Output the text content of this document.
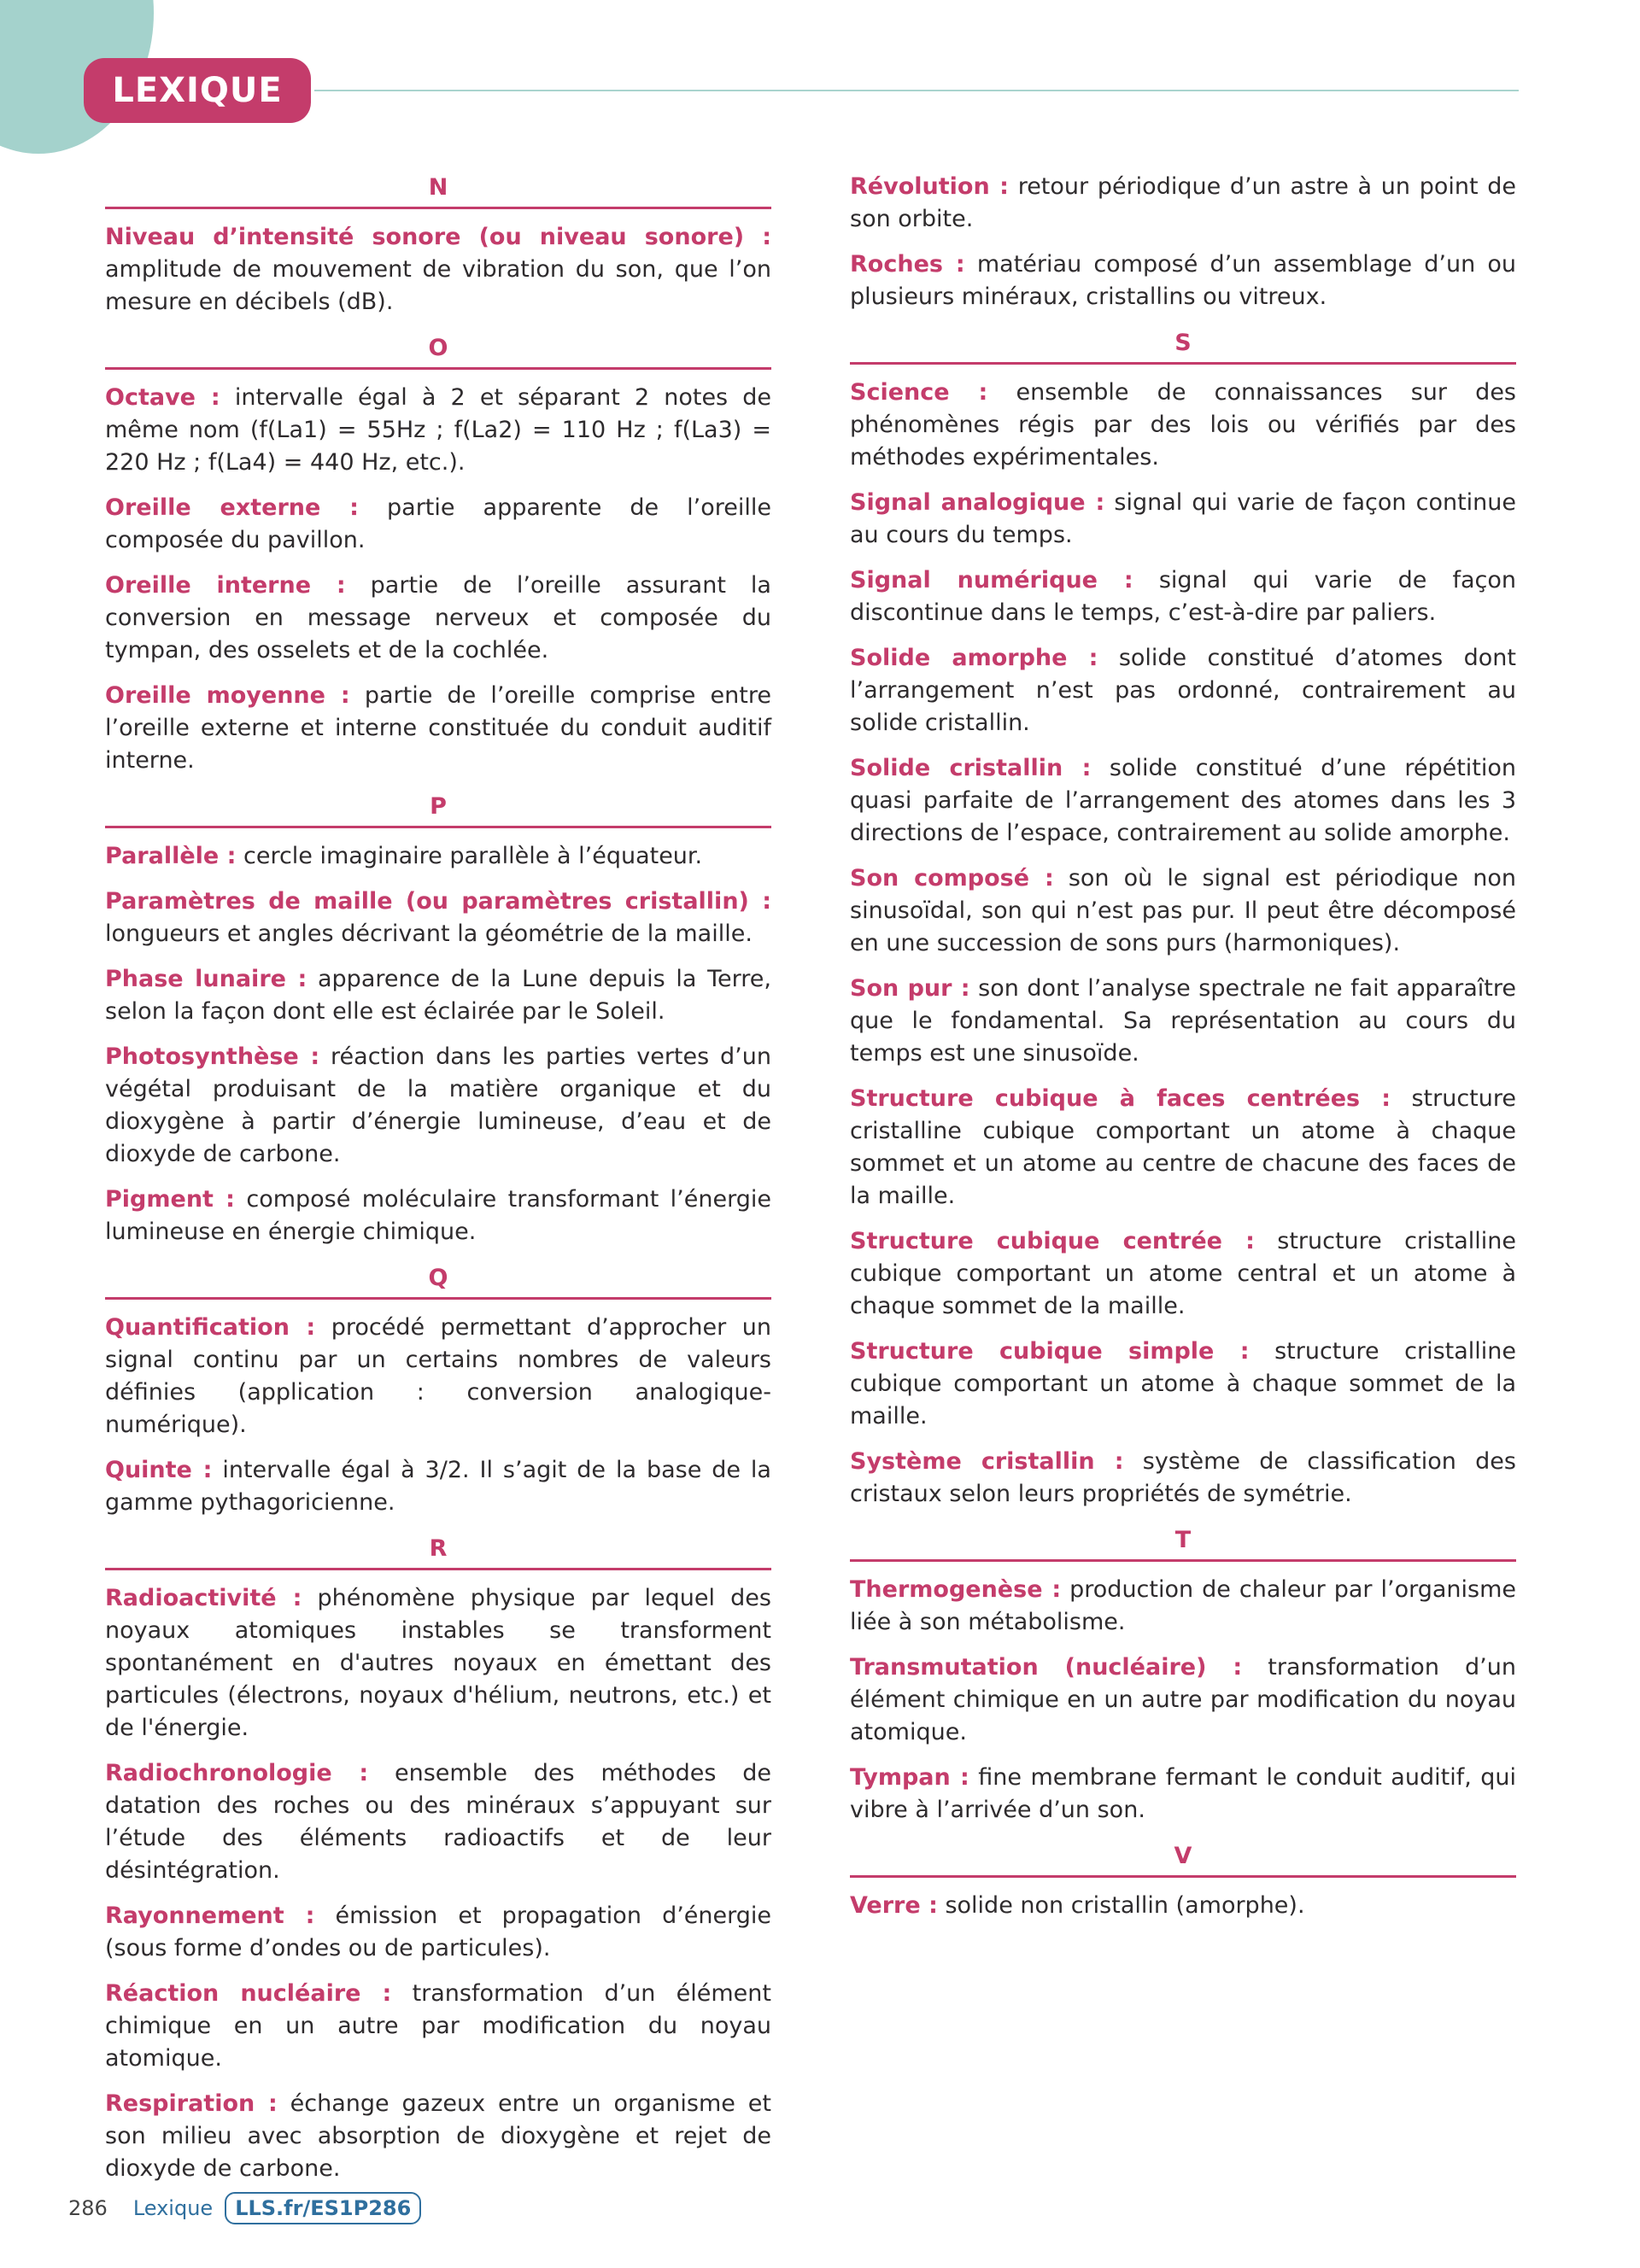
LEXIQUE
N

Niveau d’intensité sonore (ou niveau sonore) : amplitude de mouvement de vibration du son, que l’on mesure en décibels (dB).

O

Octave : intervalle égal à 2 et séparant 2 notes de même nom (f(La1) = 55Hz ; f(La2) = 110 Hz ; f(La3) = 220 Hz ; f(La4) = 440 Hz, etc.).

Oreille externe : partie apparente de l’oreille composée du pavillon.

Oreille interne : partie de l’oreille assurant la conversion en message nerveux et composée du tympan, des osselets et de la cochlée.

Oreille moyenne : partie de l’oreille comprise entre l’oreille externe et interne constituée du conduit auditif interne.

P

Parallèle : cercle imaginaire parallèle à l’équateur.

Paramètres de maille (ou paramètres cristallin) : longueurs et angles décrivant la géométrie de la maille.

Phase lunaire : apparence de la Lune depuis la Terre, selon la façon dont elle est éclairée par le Soleil.

Photosynthèse : réaction dans les parties vertes d’un végétal produisant de la matière organique et du dioxygène à partir d’énergie lumineuse, d’eau et de dioxyde de carbone.

Pigment : composé moléculaire transformant l’énergie lumineuse en énergie chimique.

Q

Quantification : procédé permettant d’approcher un signal continu par un certains nombres de valeurs définies (application : conversion analogique-numérique).

Quinte : intervalle égal à 3/2. Il s’agit de la base de la gamme pythagoricienne.

R

Radioactivité : phénomène physique par lequel des noyaux atomiques instables se transforment spontanément en d'autres noyaux en émettant des particules (électrons, noyaux d'hélium, neutrons, etc.) et de l'énergie.

Radiochronologie : ensemble des méthodes de datation des roches ou des minéraux s’appuyant sur l’étude des éléments radioactifs et de leur désintégration.

Rayonnement : émission et propagation d’énergie (sous forme d’ondes ou de particules).

Réaction nucléaire : transformation d’un élément chimique en un autre par modification du noyau atomique.

Respiration : échange gazeux entre un organisme et son milieu avec absorption de dioxygène et rejet de dioxyde de carbone.

Révolution : retour périodique d’un astre à un point de son orbite.

Roches : matériau composé d’un assemblage d’un ou plusieurs minéraux, cristallins ou vitreux.

S

Science : ensemble de connaissances sur des phénomènes régis par des lois ou vérifiés par des méthodes expérimentales.

Signal analogique : signal qui varie de façon continue au cours du temps.

Signal numérique : signal qui varie de façon discontinue dans le temps, c’est-à-dire par paliers.

Solide amorphe : solide constitué d’atomes dont l’arrangement n’est pas ordonné, contrairement au solide cristallin.

Solide cristallin : solide constitué d’une répétition quasi parfaite de l’arrangement des atomes dans les 3 directions de l’espace, contrairement au solide amorphe.

Son composé : son où le signal est périodique non sinusoïdal, son qui n’est pas pur. Il peut être décomposé en une succession de sons purs (harmoniques).

Son pur : son dont l’analyse spectrale ne fait apparaître que le fondamental. Sa représentation au cours du temps est une sinusoïde.

Structure cubique à faces centrées : structure cristalline cubique comportant un atome à chaque sommet et un atome au centre de chacune des faces de la maille.

Structure cubique centrée : structure cristalline cubique comportant un atome central et un atome à chaque sommet de la maille.

Structure cubique simple : structure cristalline cubique comportant un atome à chaque sommet de la maille.

Système cristallin : système de classification des cristaux selon leurs propriétés de symétrie.

T

Thermogenèse : production de chaleur par l’organisme liée à son métabolisme.

Transmutation (nucléaire) : transformation d’un élément chimique en un autre par modification du noyau atomique.

Tympan : fine membrane fermant le conduit auditif, qui vibre à l’arrivée d’un son.

V

Verre : solide non cristallin (amorphe).

286 Lexique	LLS.fr/ES1P286
